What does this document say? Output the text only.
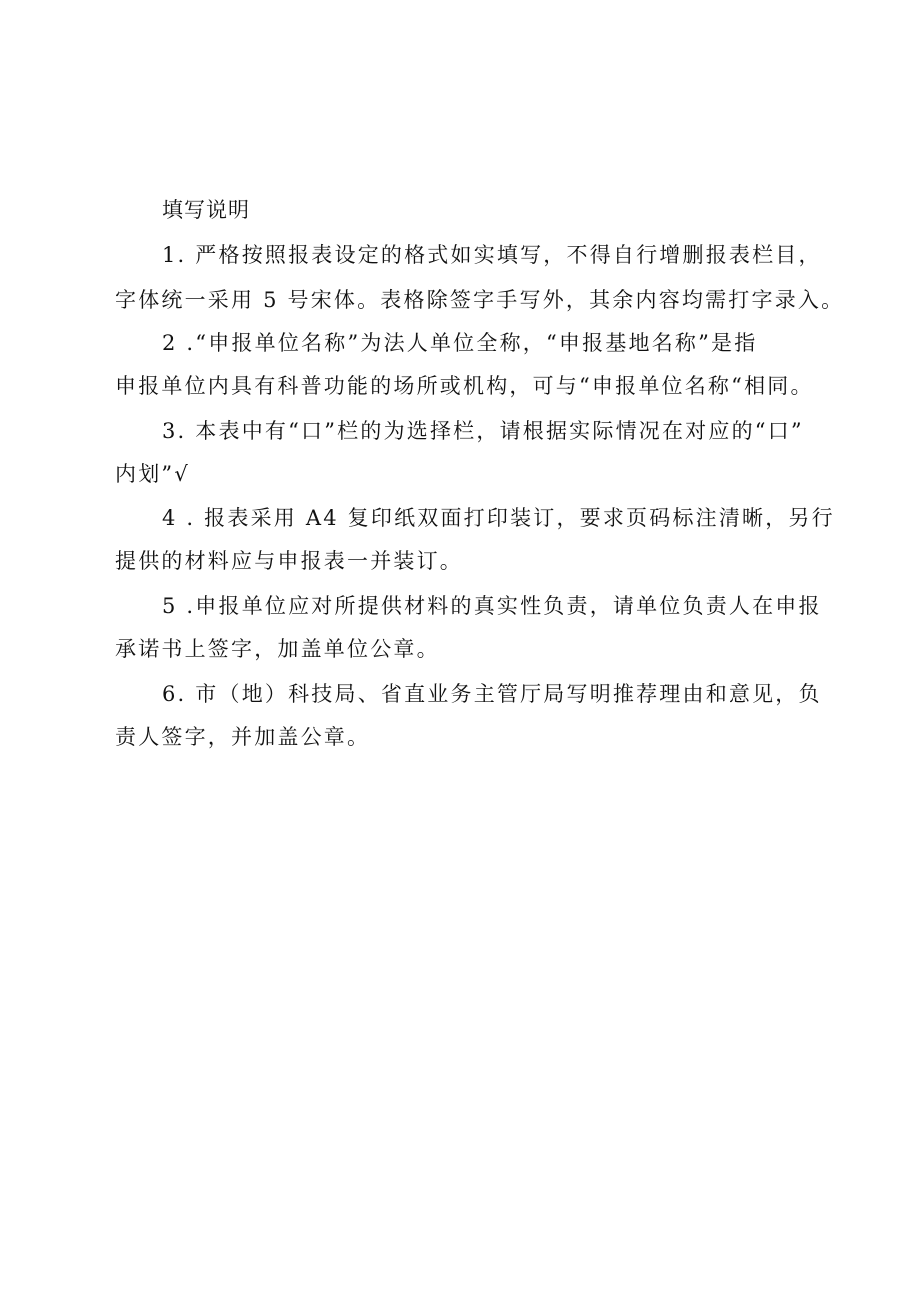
填写说明
1. 严格按照报表设定的格式如实填写，不得自行增删报表栏目，
字体统一采用 5 号宋体。表格除签字手写外，其余内容均需打字录入。
2 .“申报单位名称”为法人单位全称，“申报基地名称”是指
申报单位内具有科普功能的场所或机构，可与“申报单位名称“相同。
3. 本表中有“口”栏的为选择栏，请根据实际情况在对应的“口”
内划”√
4 . 报表采用 A4 复印纸双面打印装订，要求页码标注清晰，另行
提供的材料应与申报表一并装订。
5 .申报单位应对所提供材料的真实性负责，请单位负责人在申报
承诺书上签字，加盖单位公章。
6. 市（地）科技局、省直业务主管厅局写明推荐理由和意见，负
责人签字，并加盖公章。
